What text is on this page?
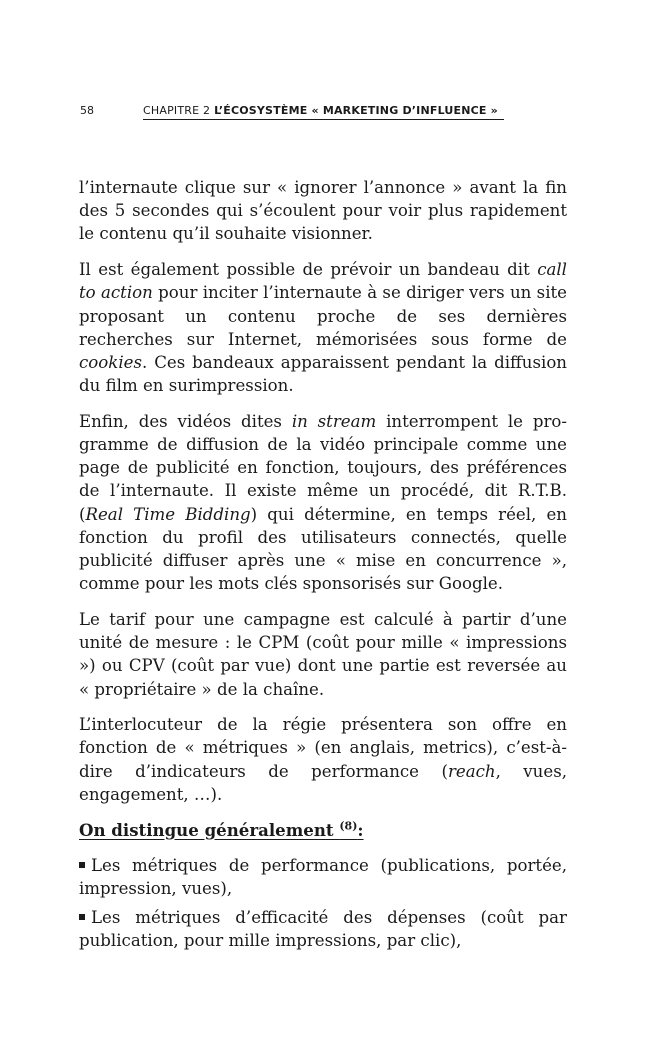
58	CHAPITRE 2 L’ÉCOSYSTÈME « MARKETING D’INFLUENCE »

l’internaute clique sur « ignorer l’annonce » avant la fin des 5 secondes qui s’écoulent pour voir plus rapidement le contenu qu’il souhaite visionner.

Il est également possible de prévoir un bandeau dit call to action pour inciter l’internaute à se diriger vers un site proposant un contenu proche de ses dernières recherches sur Internet, mémorisées sous forme de cookies. Ces bandeaux apparaissent pendant la diffusion du film en surimpression.

Enfin, des vidéos dites in stream interrompent le programme de diffusion de la vidéo principale comme une page de publicité en fonction, toujours, des préférences de l’internaute. Il existe même un procédé, dit R.T.B. (Real Time Bidding) qui détermine, en temps réel, en fonction du profil des utilisateurs connectés, quelle publicité diffuser après une « mise en concurrence », comme pour les mots clés sponsorisés sur Google.

Le tarif pour une campagne est calculé à partir d’une unité de mesure : le CPM (coût pour mille « impressions ») ou CPV (coût par vue) dont une partie est reversée au « propriétaire » de la chaîne.

L’interlocuteur de la régie présentera son offre en fonction de « métriques » (en anglais, metrics), c’est-à-dire d’indicateurs de performance (reach, vues, engagement, …).

On distingue généralement $^{(8)}$:

Les métriques de performance (publications, portée, impression, vues),
Les métriques d’efficacité des dépenses (coût par publication, pour mille impressions, par clic),
